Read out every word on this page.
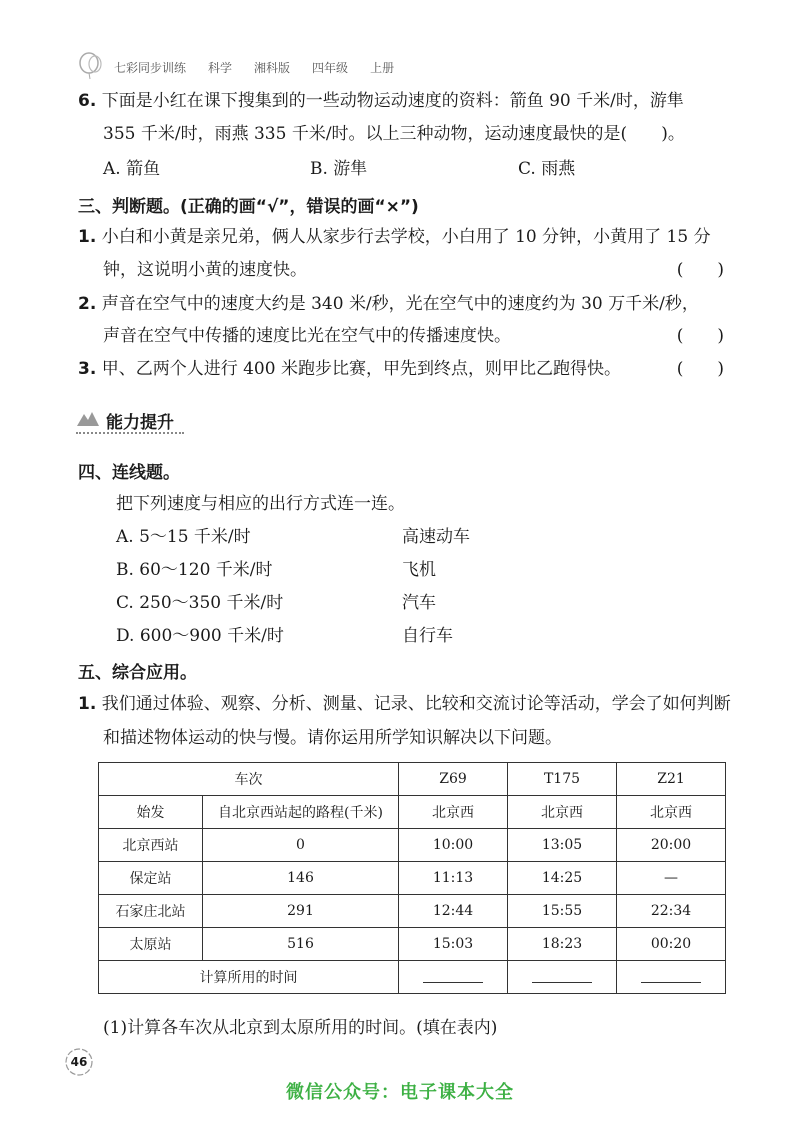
七彩同步训练 科学 湘科版 四年级 上册
6. 下面是小红在课下搜集到的一些动物运动速度的资料：箭鱼 90 千米/时，游隼
355 千米/时，雨燕 335 千米/时。以上三种动物，运动速度最快的是(　　)。
A. 箭鱼	B. 游隼	C. 雨燕
三、判断题。(正确的画“√”，错误的画“×”)
1. 小白和小黄是亲兄弟，俩人从家步行去学校，小白用了 10 分钟，小黄用了 15 分
钟，这说明小黄的速度快。	(　　)
2. 声音在空气中的速度大约是 340 米/秒，光在空气中的速度约为 30 万千米/秒，
声音在空气中传播的速度比光在空气中的传播速度快。	(　　)
3. 甲、乙两个人进行 400 米跑步比赛，甲先到终点，则甲比乙跑得快。	(　　)
能力提升
四、连线题。
把下列速度与相应的出行方式连一连。
A. 5～15 千米/时
B. 60～120 千米/时
C. 250～350 千米/时
D. 600～900 千米/时
高速动车
飞机
汽车
自行车
五、综合应用。
1. 我们通过体验、观察、分析、测量、记录、比较和交流讨论等活动，学会了如何判断
和描述物体运动的快与慢。请你运用所学知识解决以下问题。
车次		Z69	T175	Z21
始发	自北京西站起的路程(千米)	北京西	北京西	北京西
北京西站	0	10:00	13:05	20:00
保定站	146	11:13	14:25	—
石家庄北站	291	12:44	15:55	22:34
太原站	516	15:03	18:23	00:20
计算所用的时间				
(1)计算各车次从北京到太原所用的时间。(填在表内)
46
微信公众号：电子课本大全
